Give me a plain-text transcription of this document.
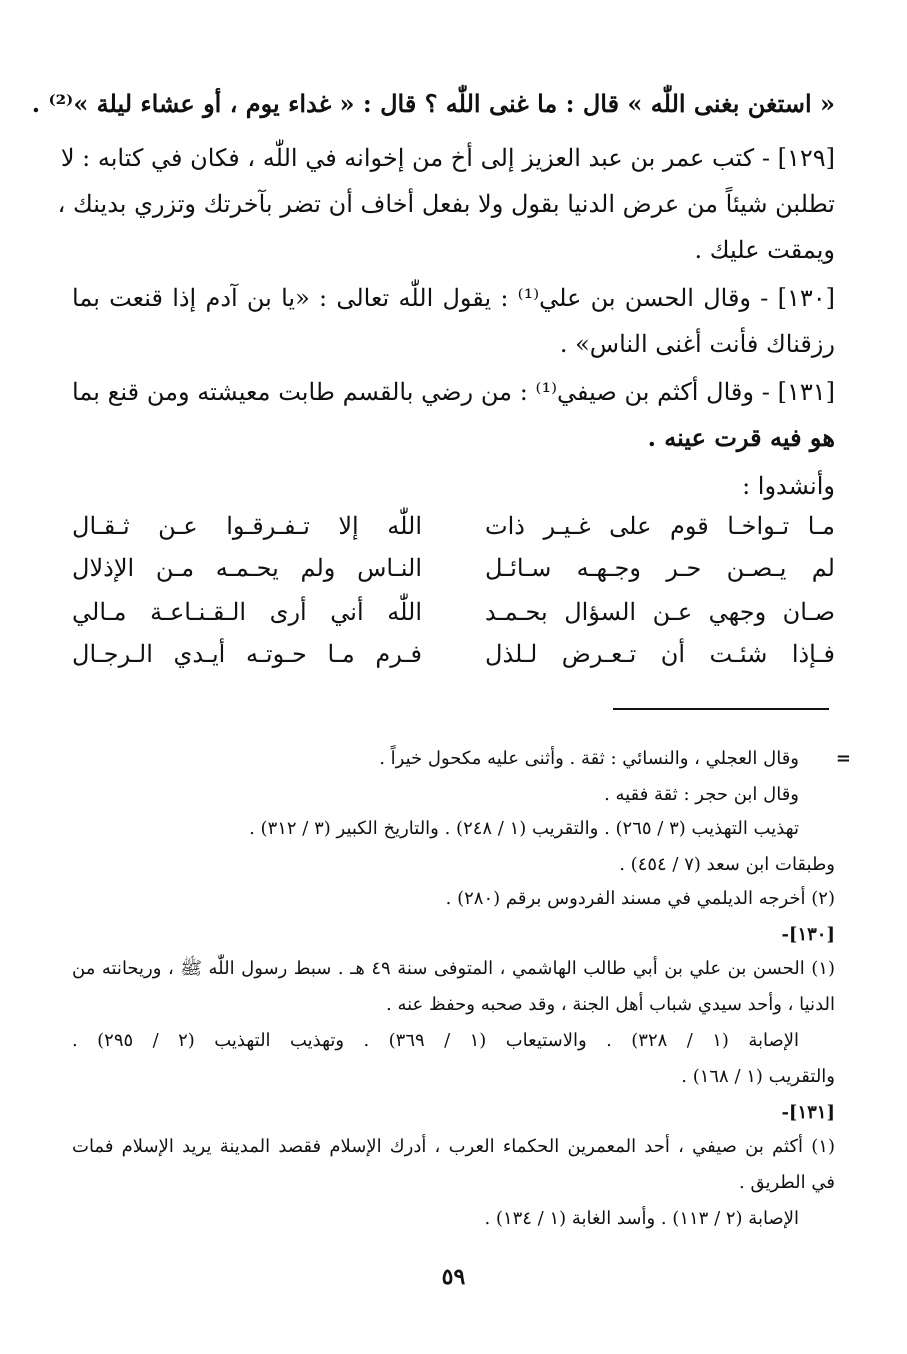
« استغن بغنى اللّٰه » قال : ما غنى اللّٰه ؟ قال : « غداء يوم ، أو عشاء ليلة »⁽²⁾ .
[١٢٩] - كتب عمر بن عبد العزيز إلى أخ من إخوانه في اللّٰه ، فكان في كتابه : لا
تطلبن شيئاً من عرض الدنيا بقول ولا بفعل أخاف أن تضر بآخرتك وتزري بدينك ،
ويمقت عليك .
[١٣٠] - وقال الحسن بن علي⁽¹⁾ : يقول اللّٰه تعالى : «يا بن آدم إذا قنعت بما
رزقناك فأنت أغنى الناس» .
[١٣١] - وقال أكثم بن صيفي⁽¹⁾ : من رضي بالقسم طابت معيشته ومن قنع بما
هو فيه قرت عينه .
وأنشدوا :
مـا تـواخـا قوم على غـيـر ذات
اللّٰه إلا تـفـرقـوا عـن ثـقـال
لم يـصـن حـر وجـهـه سـائـل
النـاس ولم يحـمـه مـن الإذلال
صـان وجهي عـن السؤال بحـمـد
اللّٰه أني أرى الـقـنـاعـة مـالي
فـإذا شئـت أن تـعـرض لـلذل
فـرم مـا حـوتـه أيـدي الـرجـال
=
وقال العجلي ، والنسائي : ثقة . وأثنى عليه مكحول خيراً .
وقال ابن حجر : ثقة فقيه .
تهذيب التهذيب (٣ / ٢٦٥) . والتقريب (١ / ٢٤٨) . والتاريخ الكبير (٣ / ٣١٢) .
وطبقات ابن سعد (٧ / ٤٥٤) .
(٢) أخرجه الديلمي في مسند الفردوس برقم (٢٨٠) .
[١٣٠]-
(١) الحسن بن علي بن أبي طالب الهاشمي ، المتوفى سنة ٤٩ هـ . سبط رسول اللّٰه ﷺ ، وريحانته من
الدنيا ، وأحد سيدي شباب أهل الجنة ، وقد صحبه وحفظ عنه .
الإصابة (١ / ٣٢٨) . والاستيعاب (١ / ٣٦٩) . وتهذيب التهذيب (٢ / ٢٩٥) .
والتقريب (١ / ١٦٨) .
[١٣١]-
(١) أكثم بن صيفي ، أحد المعمرين الحكماء العرب ، أدرك الإسلام فقصد المدينة يريد الإسلام فمات
في الطريق .
الإصابة (٢ / ١١٣) . وأسد الغابة (١ / ١٣٤) .
٥٩
